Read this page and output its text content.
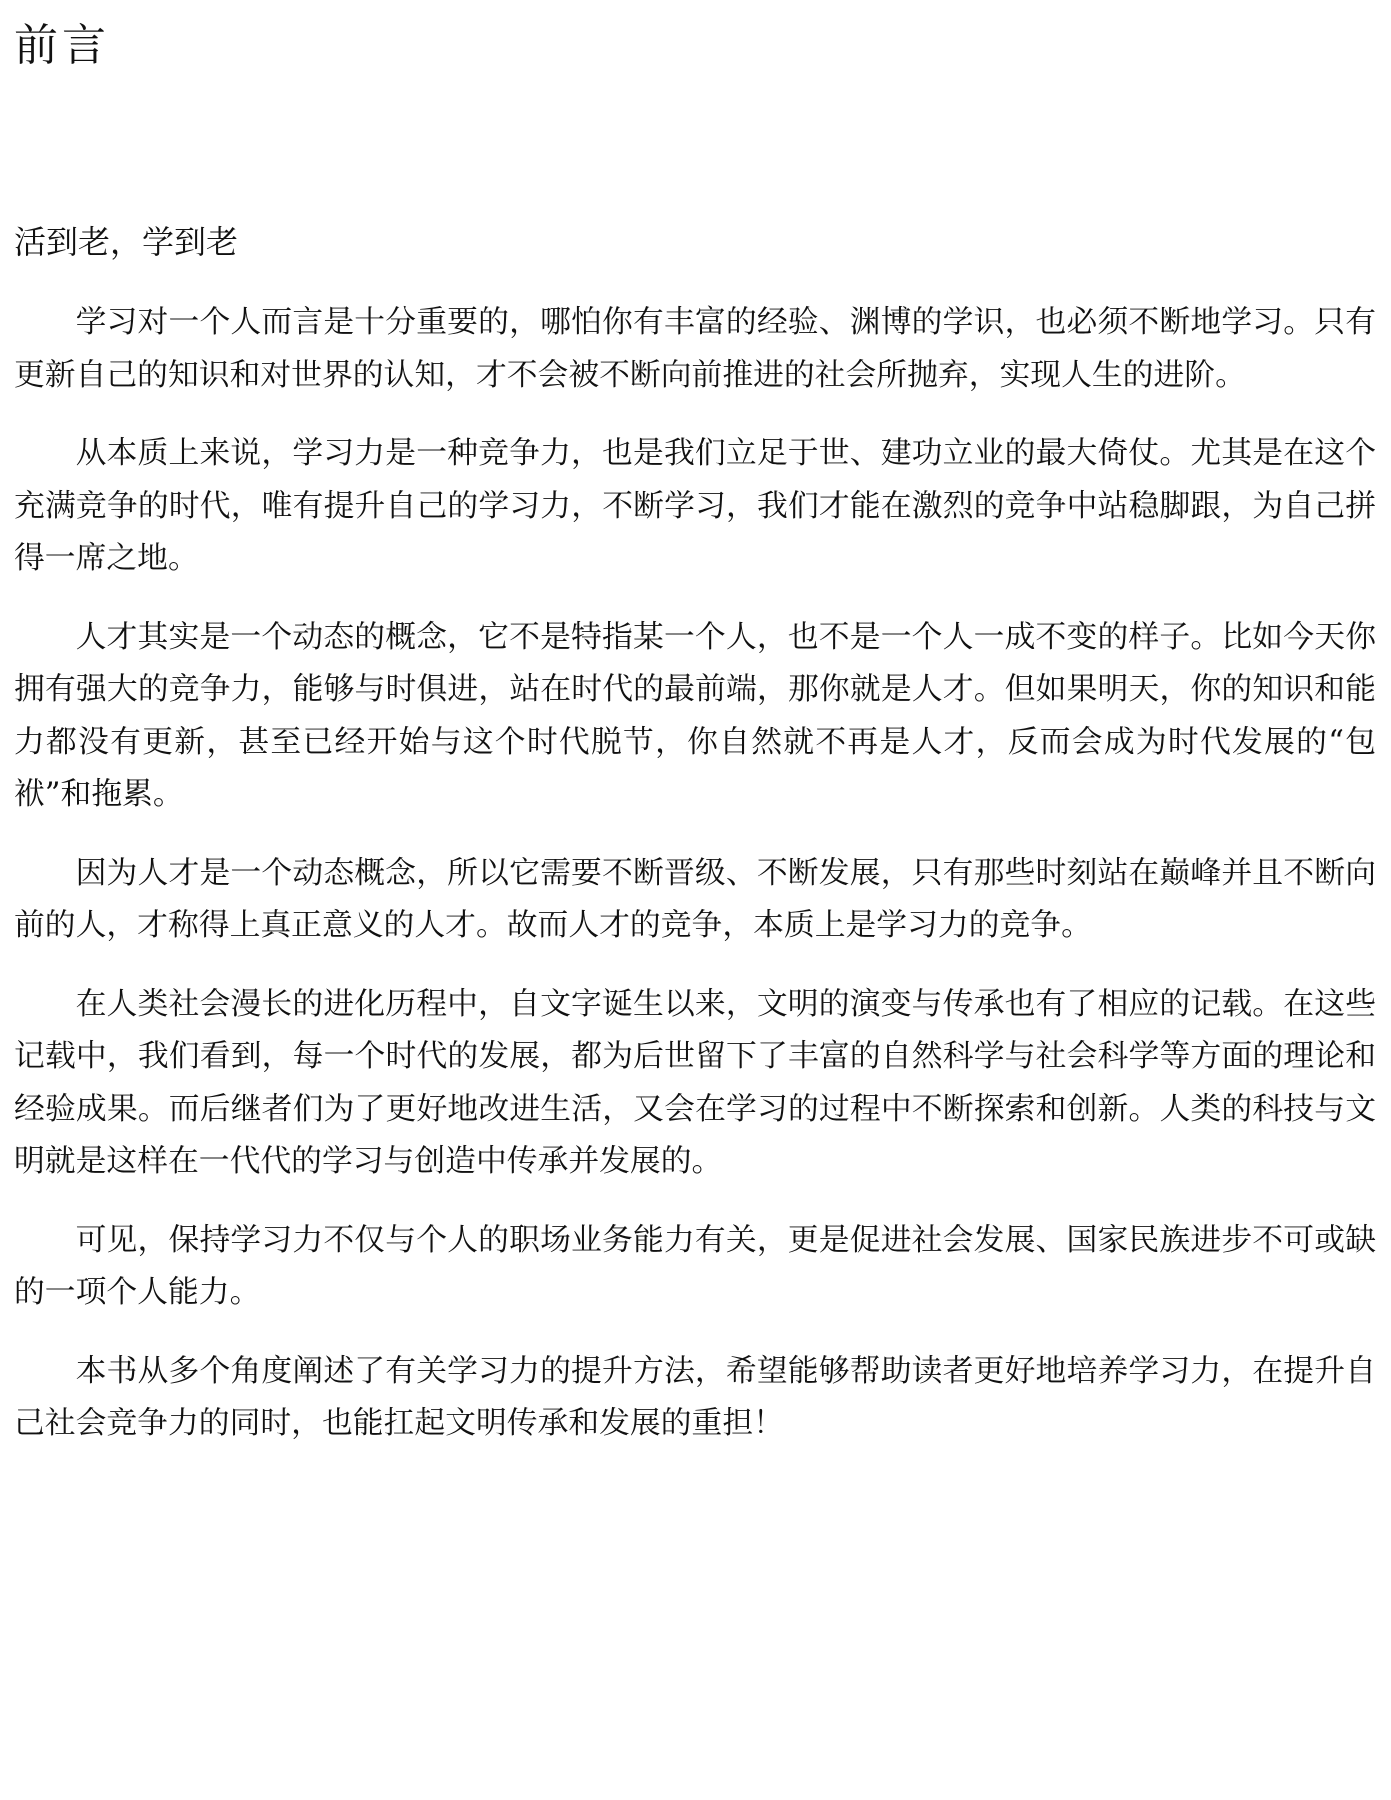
前言
活到老，学到老

学习对一个人而言是十分重要的，哪怕你有丰富的经验、渊博的学识，也必须不断地学习。只有更新自己的知识和对世界的认知，才不会被不断向前推进的社会所抛弃，实现人生的进阶。

从本质上来说，学习力是一种竞争力，也是我们立足于世、建功立业的最大倚仗。尤其是在这个充满竞争的时代，唯有提升自己的学习力，不断学习，我们才能在激烈的竞争中站稳脚跟，为自己拼得一席之地。

人才其实是一个动态的概念，它不是特指某一个人，也不是一个人一成不变的样子。比如今天你拥有强大的竞争力，能够与时俱进，站在时代的最前端，那你就是人才。但如果明天，你的知识和能力都没有更新，甚至已经开始与这个时代脱节，你自然就不再是人才，反而会成为时代发展的“包袱”和拖累。

因为人才是一个动态概念，所以它需要不断晋级、不断发展，只有那些时刻站在巅峰并且不断向前的人，才称得上真正意义的人才。故而人才的竞争，本质上是学习力的竞争。

在人类社会漫长的进化历程中，自文字诞生以来，文明的演变与传承也有了相应的记载。在这些记载中，我们看到，每一个时代的发展，都为后世留下了丰富的自然科学与社会科学等方面的理论和经验成果。而后继者们为了更好地改进生活，又会在学习的过程中不断探索和创新。人类的科技与文明就是这样在一代代的学习与创造中传承并发展的。

可见，保持学习力不仅与个人的职场业务能力有关，更是促进社会发展、国家民族进步不可或缺的一项个人能力。

本书从多个角度阐述了有关学习力的提升方法，希望能够帮助读者更好地培养学习力，在提升自己社会竞争力的同时，也能扛起文明传承和发展的重担！
